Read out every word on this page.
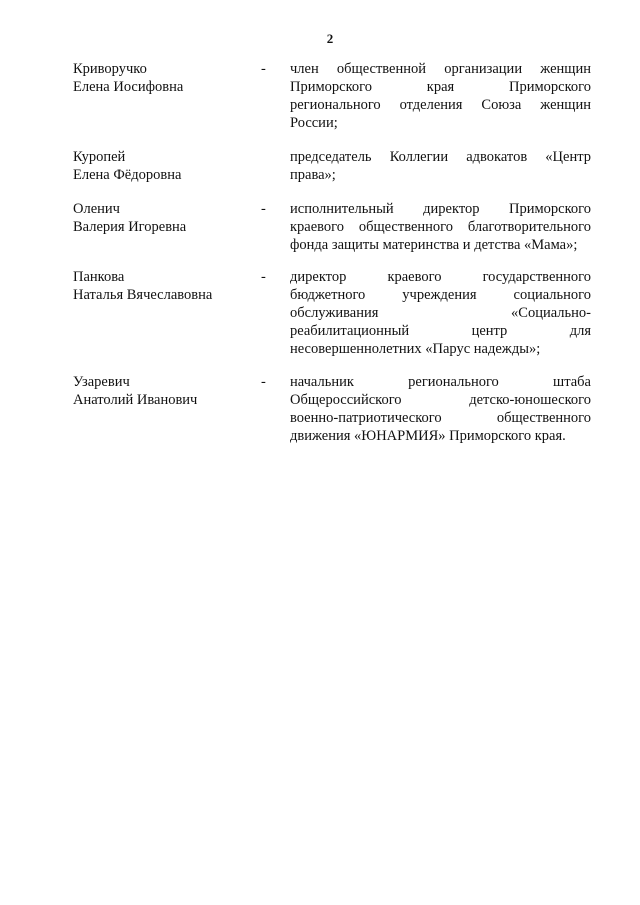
2
Криворучко
Елена Иосифовна
- член общественной организации женщин
Приморского края Приморского
регионального отделения Союза женщин
России;
Куропей
Елена Фёдоровна
председатель Коллегии адвокатов «Центр
права»;
Оленич
Валерия Игоревна
- исполнительный директор Приморского
краевого общественного благотворительного
фонда защиты материнства и детства «Мама»;
Панкова
Наталья Вячеславовна
- директор краевого государственного
бюджетного учреждения социального
обслуживания «Социально-
реабилитационный центр для
несовершеннолетних «Парус надежды»;
Узаревич
Анатолий Иванович
- начальник регионального штаба
Общероссийского детско-юношеского
военно-патриотического общественного
движения «ЮНАРМИЯ» Приморского края.
